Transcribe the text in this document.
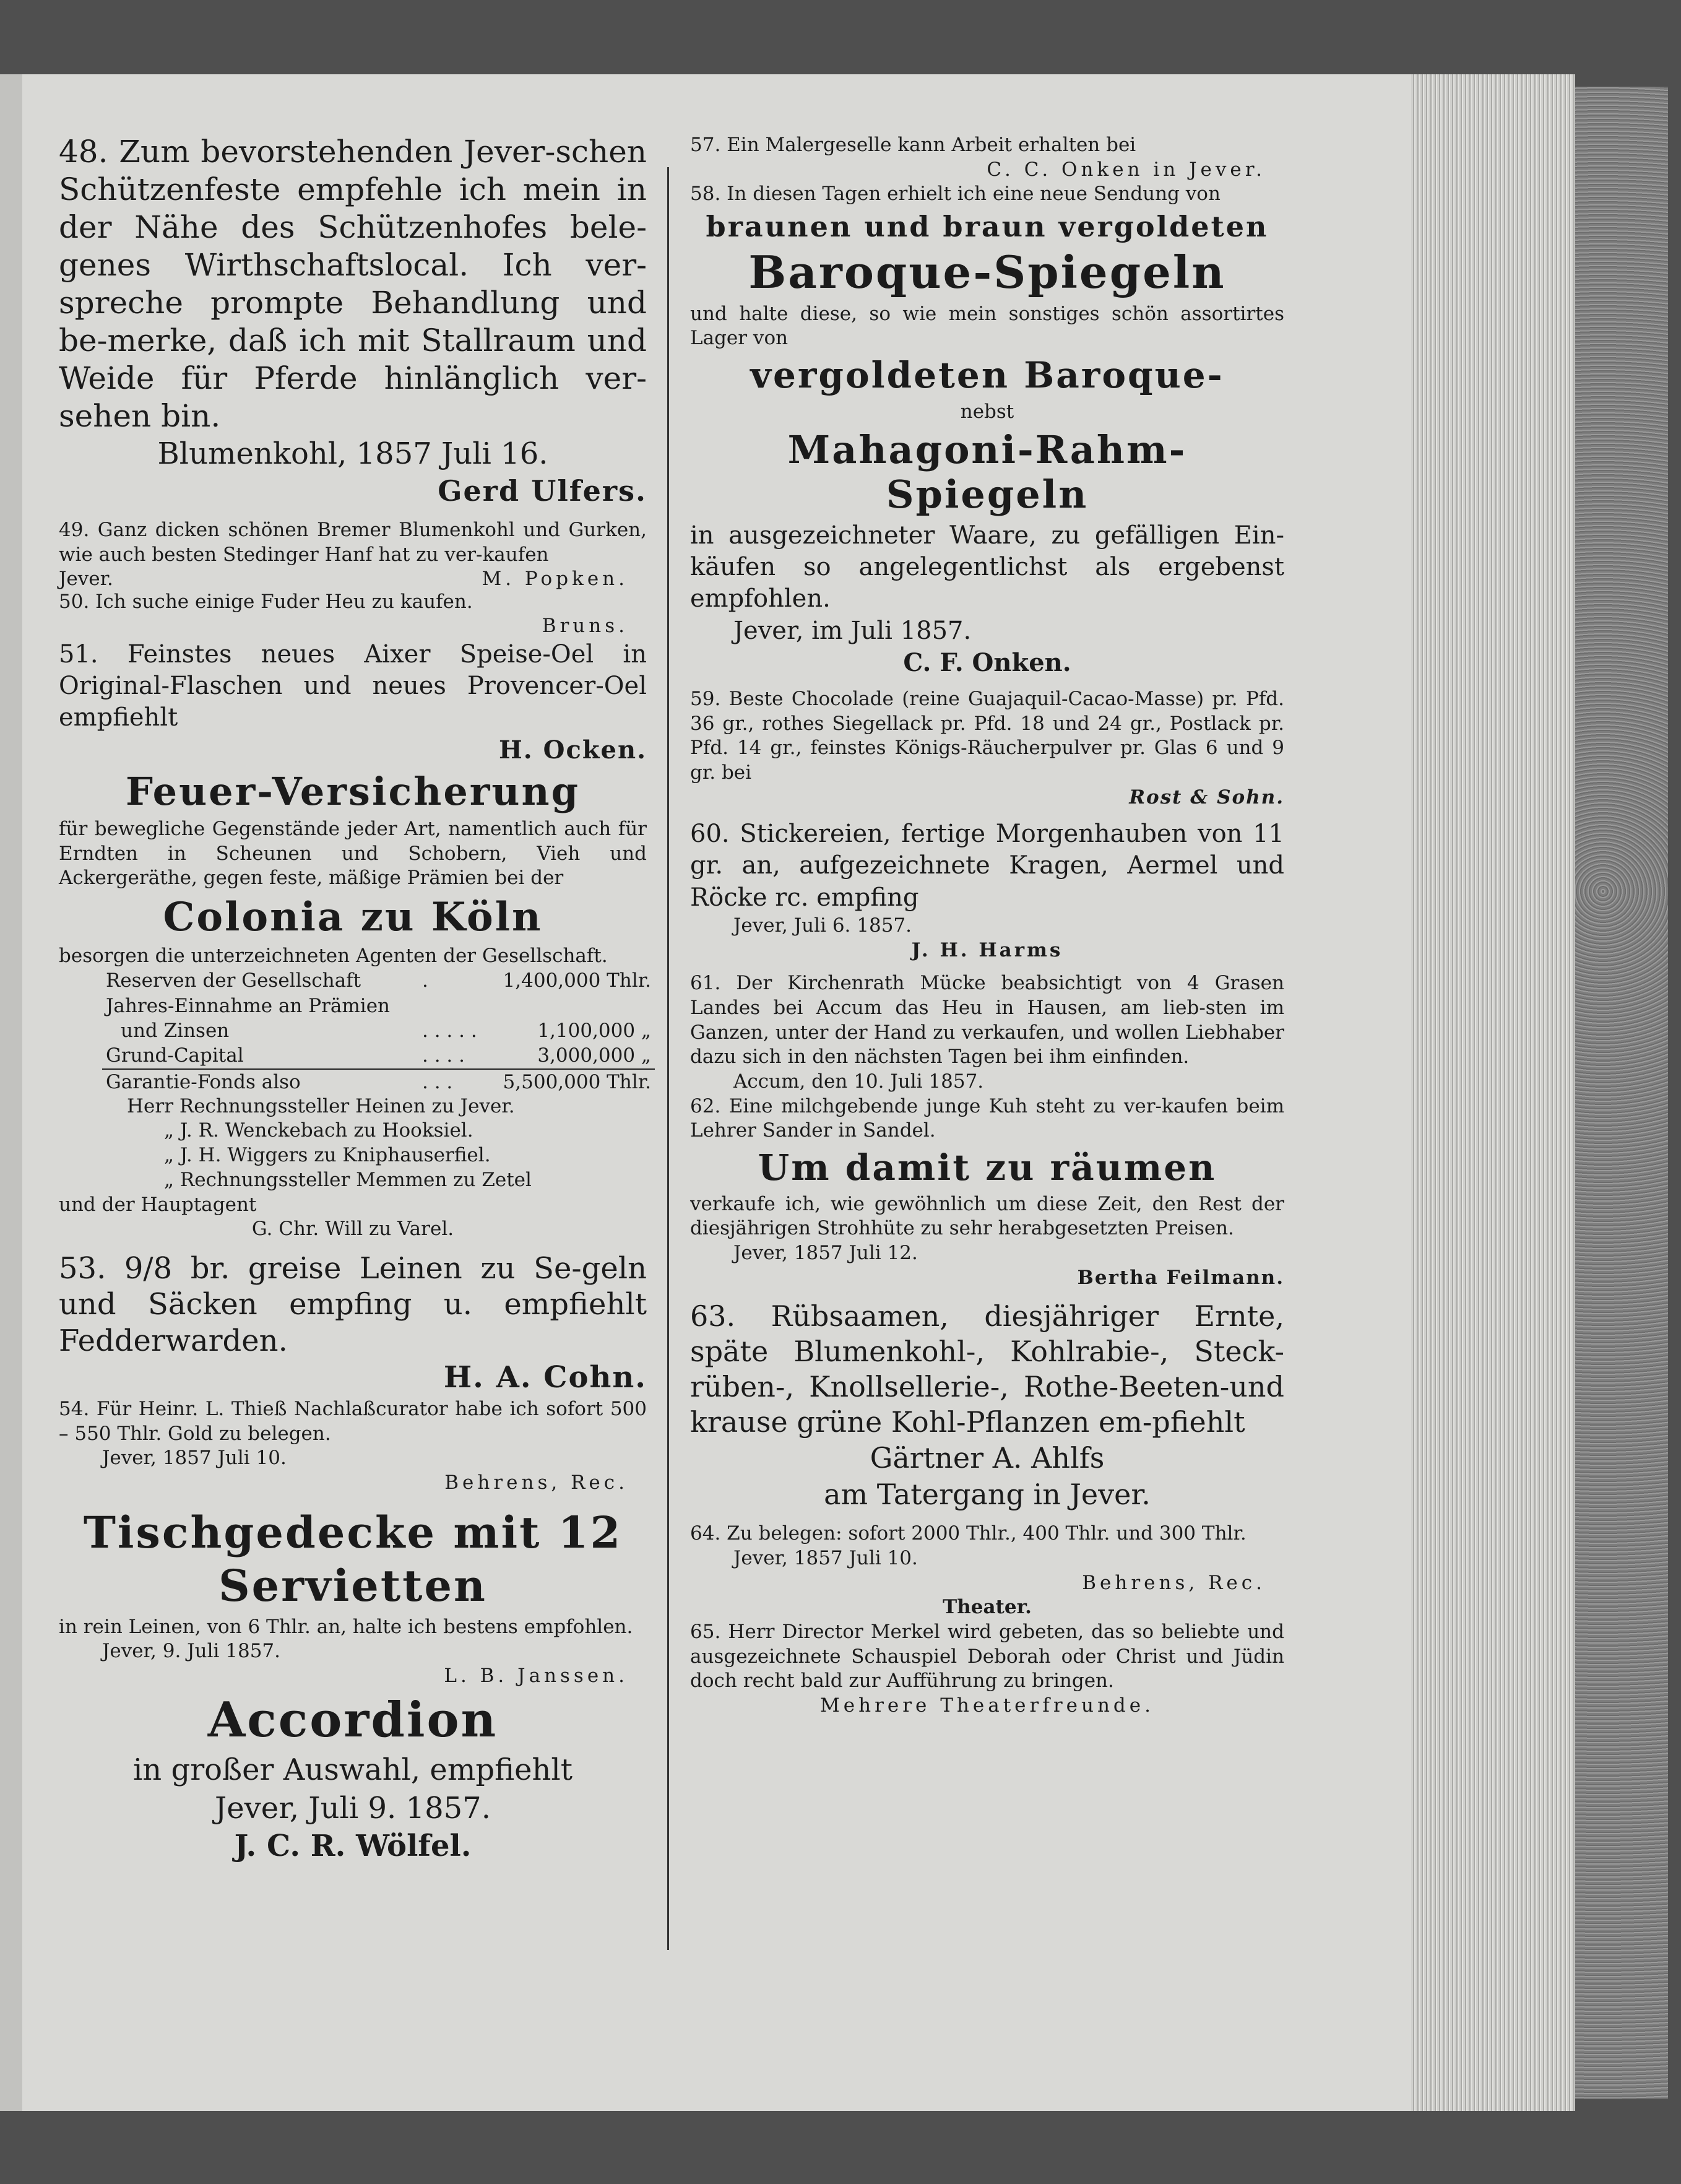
48. Zum bevorstehenden Jever-schen Schützenfeste empfehle ich mein in der Nähe des Schützenhofes bele-genes Wirthschaftslocal. Ich ver-spreche prompte Behandlung und be-merke, daß ich mit Stallraum und Weide für Pferde hinlänglich ver-sehen bin.

Blumenkohl, 1857 Juli 16.

Gerd Ulfers.

49. Ganz dicken schönen Bremer Blumenkohl und Gurken, wie auch besten Stedinger Hanf hat zu ver-kaufen

Jever.	M. Popken.

50. Ich suche einige Fuder Heu zu kaufen.

Bruns.

51. Feinstes neues Aixer Speise-Oel in Original-Flaschen und neues Provencer-Oel empfiehlt

H. Ocken.

Feuer-Versicherung

für bewegliche Gegenstände jeder Art, namentlich auch für Erndten in Scheunen und Schobern, Vieh und Ackergeräthe, gegen feste, mäßige Prämien bei der

Colonia zu Köln

besorgen die unterzeichneten Agenten der Gesellschaft.

Reserven der Gesellschaft	.	1,400,000 Thlr.
Jahres-Einnahme an Prämien		
und Zinsen	. . . . .	1,100,000 „
Grund-Capital	. . . .	3,000,000 „
Garantie-Fonds also	. . .	5,500,000 Thlr.

Herr Rechnungssteller Heinen zu Jever.

„ J. R. Wenckebach zu Hooksiel.

„ J. H. Wiggers zu Kniphauserfiel.

„ Rechnungssteller Memmen zu Zetel

und der Hauptagent

G. Chr. Will zu Varel.

53. 9/8 br. greise Leinen zu Se-geln und Säcken empfing u. empfiehlt Fedderwarden.

H. A. Cohn.

54. Für Heinr. L. Thieß Nachlaßcurator habe ich sofort 500 – 550 Thlr. Gold zu belegen.

Jever, 1857 Juli 10.

Behrens, Rec.

Tischgedecke mit 12
Servietten

in rein Leinen, von 6 Thlr. an, halte ich bestens empfohlen.

Jever, 9. Juli 1857.

L. B. Janssen.

Accordion

in großer Auswahl, empfiehlt

Jever, Juli 9. 1857.

J. C. R. Wölfel.

57. Ein Malergeselle kann Arbeit erhalten bei

C. C. Onken in Jever.

58. In diesen Tagen erhielt ich eine neue Sendung von

braunen und braun vergoldeten
Baroque-Spiegeln

und halte diese, so wie mein sonstiges schön assortirtes Lager von

vergoldeten Baroque-

nebst

Mahagoni-Rahm-Spiegeln

in ausgezeichneter Waare, zu gefälligen Ein-käufen so angelegentlichst als ergebenst empfohlen.

Jever, im Juli 1857.

C. F. Onken.

59. Beste Chocolade (reine Guajaquil-Cacao-Masse) pr. Pfd. 36 gr., rothes Siegellack pr. Pfd. 18 und 24 gr., Postlack pr. Pfd. 14 gr., feinstes Königs-Räucherpulver pr. Glas 6 und 9 gr. bei

Rost & Sohn.

60. Stickereien, fertige Morgenhauben von 11 gr. an, aufgezeichnete Kragen, Aermel und Röcke rc. empfing

Jever, Juli 6. 1857.

J. H. Harms

61. Der Kirchenrath Mücke beabsichtigt von 4 Grasen Landes bei Accum das Heu in Hausen, am lieb-sten im Ganzen, unter der Hand zu verkaufen, und wollen Liebhaber dazu sich in den nächsten Tagen bei ihm einfinden.

Accum, den 10. Juli 1857.

62. Eine milchgebende junge Kuh steht zu ver-kaufen beim Lehrer Sander in Sandel.

Um damit zu räumen

verkaufe ich, wie gewöhnlich um diese Zeit, den Rest der diesjährigen Strohhüte zu sehr herabgesetzten Preisen.

Jever, 1857 Juli 12.

Bertha Feilmann.

63. Rübsaamen, diesjähriger Ernte, späte Blumenkohl-, Kohlrabie-, Steck-rüben-, Knollsellerie-, Rothe-Beeten-und krause grüne Kohl-Pflanzen em-pfiehlt

Gärtner A. Ahlfs

am Tatergang in Jever.

64. Zu belegen: sofort 2000 Thlr., 400 Thlr. und 300 Thlr.

Jever, 1857 Juli 10.

Behrens, Rec.

Theater.

65. Herr Director Merkel wird gebeten, das so beliebte und ausgezeichnete Schauspiel Deborah oder Christ und Jüdin doch recht bald zur Aufführung zu bringen.

Mehrere Theaterfreunde.
